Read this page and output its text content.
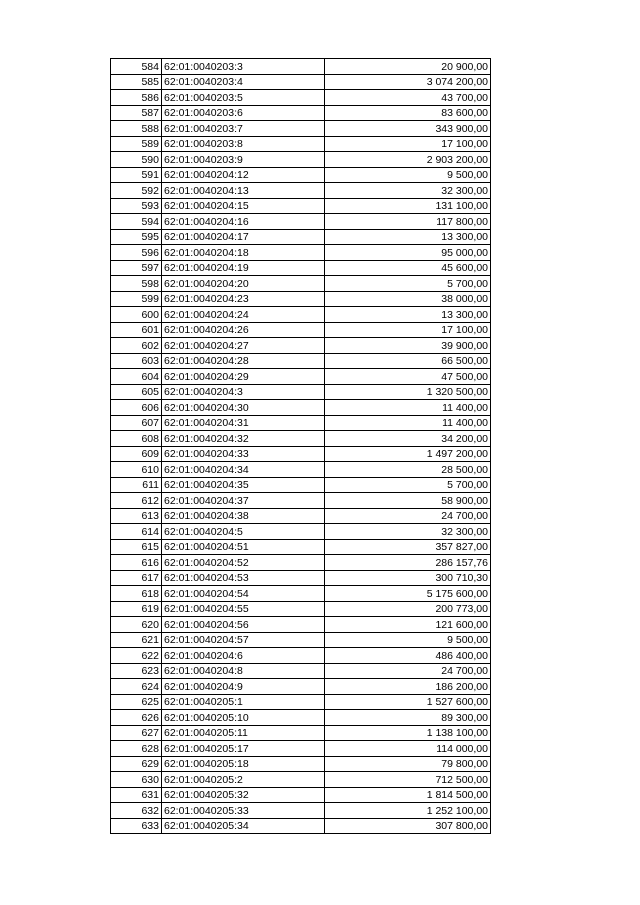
584	62:01:0040203:3	20 900,00
585	62:01:0040203:4	3 074 200,00
586	62:01:0040203:5	43 700,00
587	62:01:0040203:6	83 600,00
588	62:01:0040203:7	343 900,00
589	62:01:0040203:8	17 100,00
590	62:01:0040203:9	2 903 200,00
591	62:01:0040204:12	9 500,00
592	62:01:0040204:13	32 300,00
593	62:01:0040204:15	131 100,00
594	62:01:0040204:16	117 800,00
595	62:01:0040204:17	13 300,00
596	62:01:0040204:18	95 000,00
597	62:01:0040204:19	45 600,00
598	62:01:0040204:20	5 700,00
599	62:01:0040204:23	38 000,00
600	62:01:0040204:24	13 300,00
601	62:01:0040204:26	17 100,00
602	62:01:0040204:27	39 900,00
603	62:01:0040204:28	66 500,00
604	62:01:0040204:29	47 500,00
605	62:01:0040204:3	1 320 500,00
606	62:01:0040204:30	11 400,00
607	62:01:0040204:31	11 400,00
608	62:01:0040204:32	34 200,00
609	62:01:0040204:33	1 497 200,00
610	62:01:0040204:34	28 500,00
611	62:01:0040204:35	5 700,00
612	62:01:0040204:37	58 900,00
613	62:01:0040204:38	24 700,00
614	62:01:0040204:5	32 300,00
615	62:01:0040204:51	357 827,00
616	62:01:0040204:52	286 157,76
617	62:01:0040204:53	300 710,30
618	62:01:0040204:54	5 175 600,00
619	62:01:0040204:55	200 773,00
620	62:01:0040204:56	121 600,00
621	62:01:0040204:57	9 500,00
622	62:01:0040204:6	486 400,00
623	62:01:0040204:8	24 700,00
624	62:01:0040204:9	186 200,00
625	62:01:0040205:1	1 527 600,00
626	62:01:0040205:10	89 300,00
627	62:01:0040205:11	1 138 100,00
628	62:01:0040205:17	114 000,00
629	62:01:0040205:18	79 800,00
630	62:01:0040205:2	712 500,00
631	62:01:0040205:32	1 814 500,00
632	62:01:0040205:33	1 252 100,00
633	62:01:0040205:34	307 800,00
